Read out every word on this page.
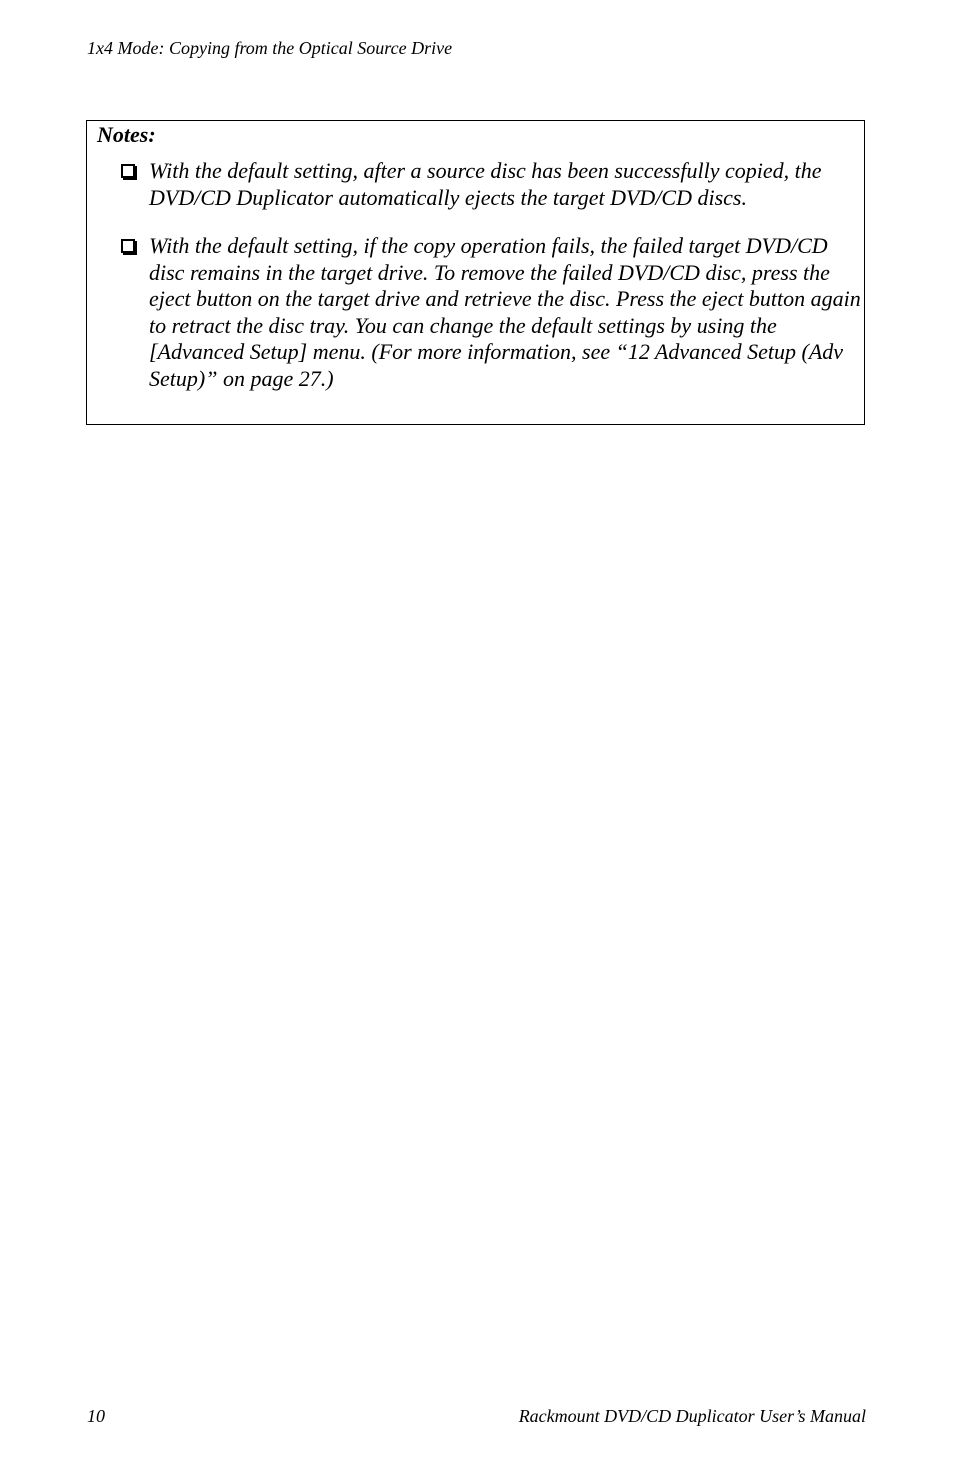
1x4 Mode: Copying from the Optical Source Drive
Notes:
With the default setting, after a source disc has been successfully copied, the DVD/CD Duplicator automatically ejects the target DVD/CD discs.
With the default setting, if the copy operation fails, the failed target DVD/CD disc remains in the target drive. To remove the failed DVD/CD disc, press the eject button on the target drive and retrieve the disc. Press the eject button again to retract the disc tray. You can change the default settings by using the [Advanced Setup] menu. (For more information, see “12 Advanced Setup (Adv Setup)” on page 27.)
10	Rackmount DVD/CD Duplicator User’s Manual
